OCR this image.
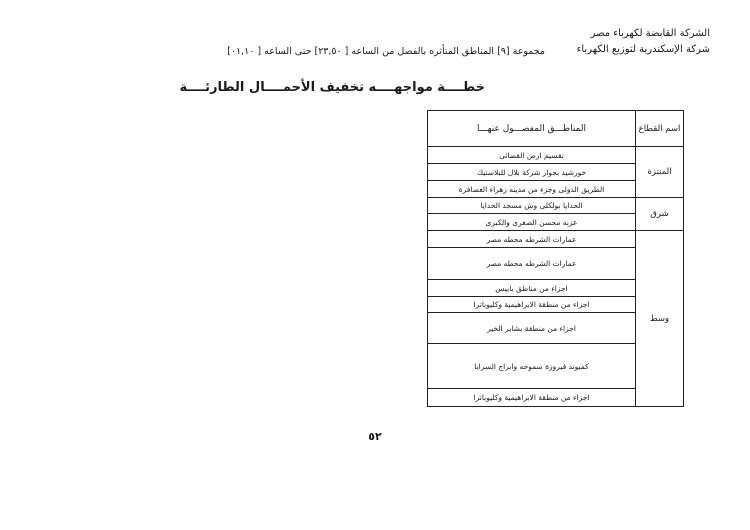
الشركة القابضة لكهرباء مصر
شركة الإسكندرية لتوزيع الكهرباء
مجموعة [٩] المناطق المتأثره بالفصل من الساعه [ ٢٣,٥٠] حتى الساعه [ ٠١,١٠]
خطــــة مواجهــــه تخفيف الأحمــــال الطارئــــة
المناطـــق المفصـــول عنهـــا	اسم القطاع
المنتزة
شرق
وسط
تقسيم ارض القضائى
خورشيد بجوار شركة بلال للبلاستيك
الطريق الدولى وجزء من مدينه زهراء العصافرة
الحدايا بولكلى وش مسجد الحدايا
عزبه محسن الصغرى والكبرى
عمارات الشرطه محطه مصر
عمارات الشرطه محطه مصر
اجزاء من مناطق بابيس
اجزاء من منطقة الابراهيمية وكليوباترا
اجزاء من منطقة بشاير الخير
كمبوند فيروزة سموحه وابراج السرايا
اجزاء من منطقة الابراهيمية وكليوباترا
٥٢
